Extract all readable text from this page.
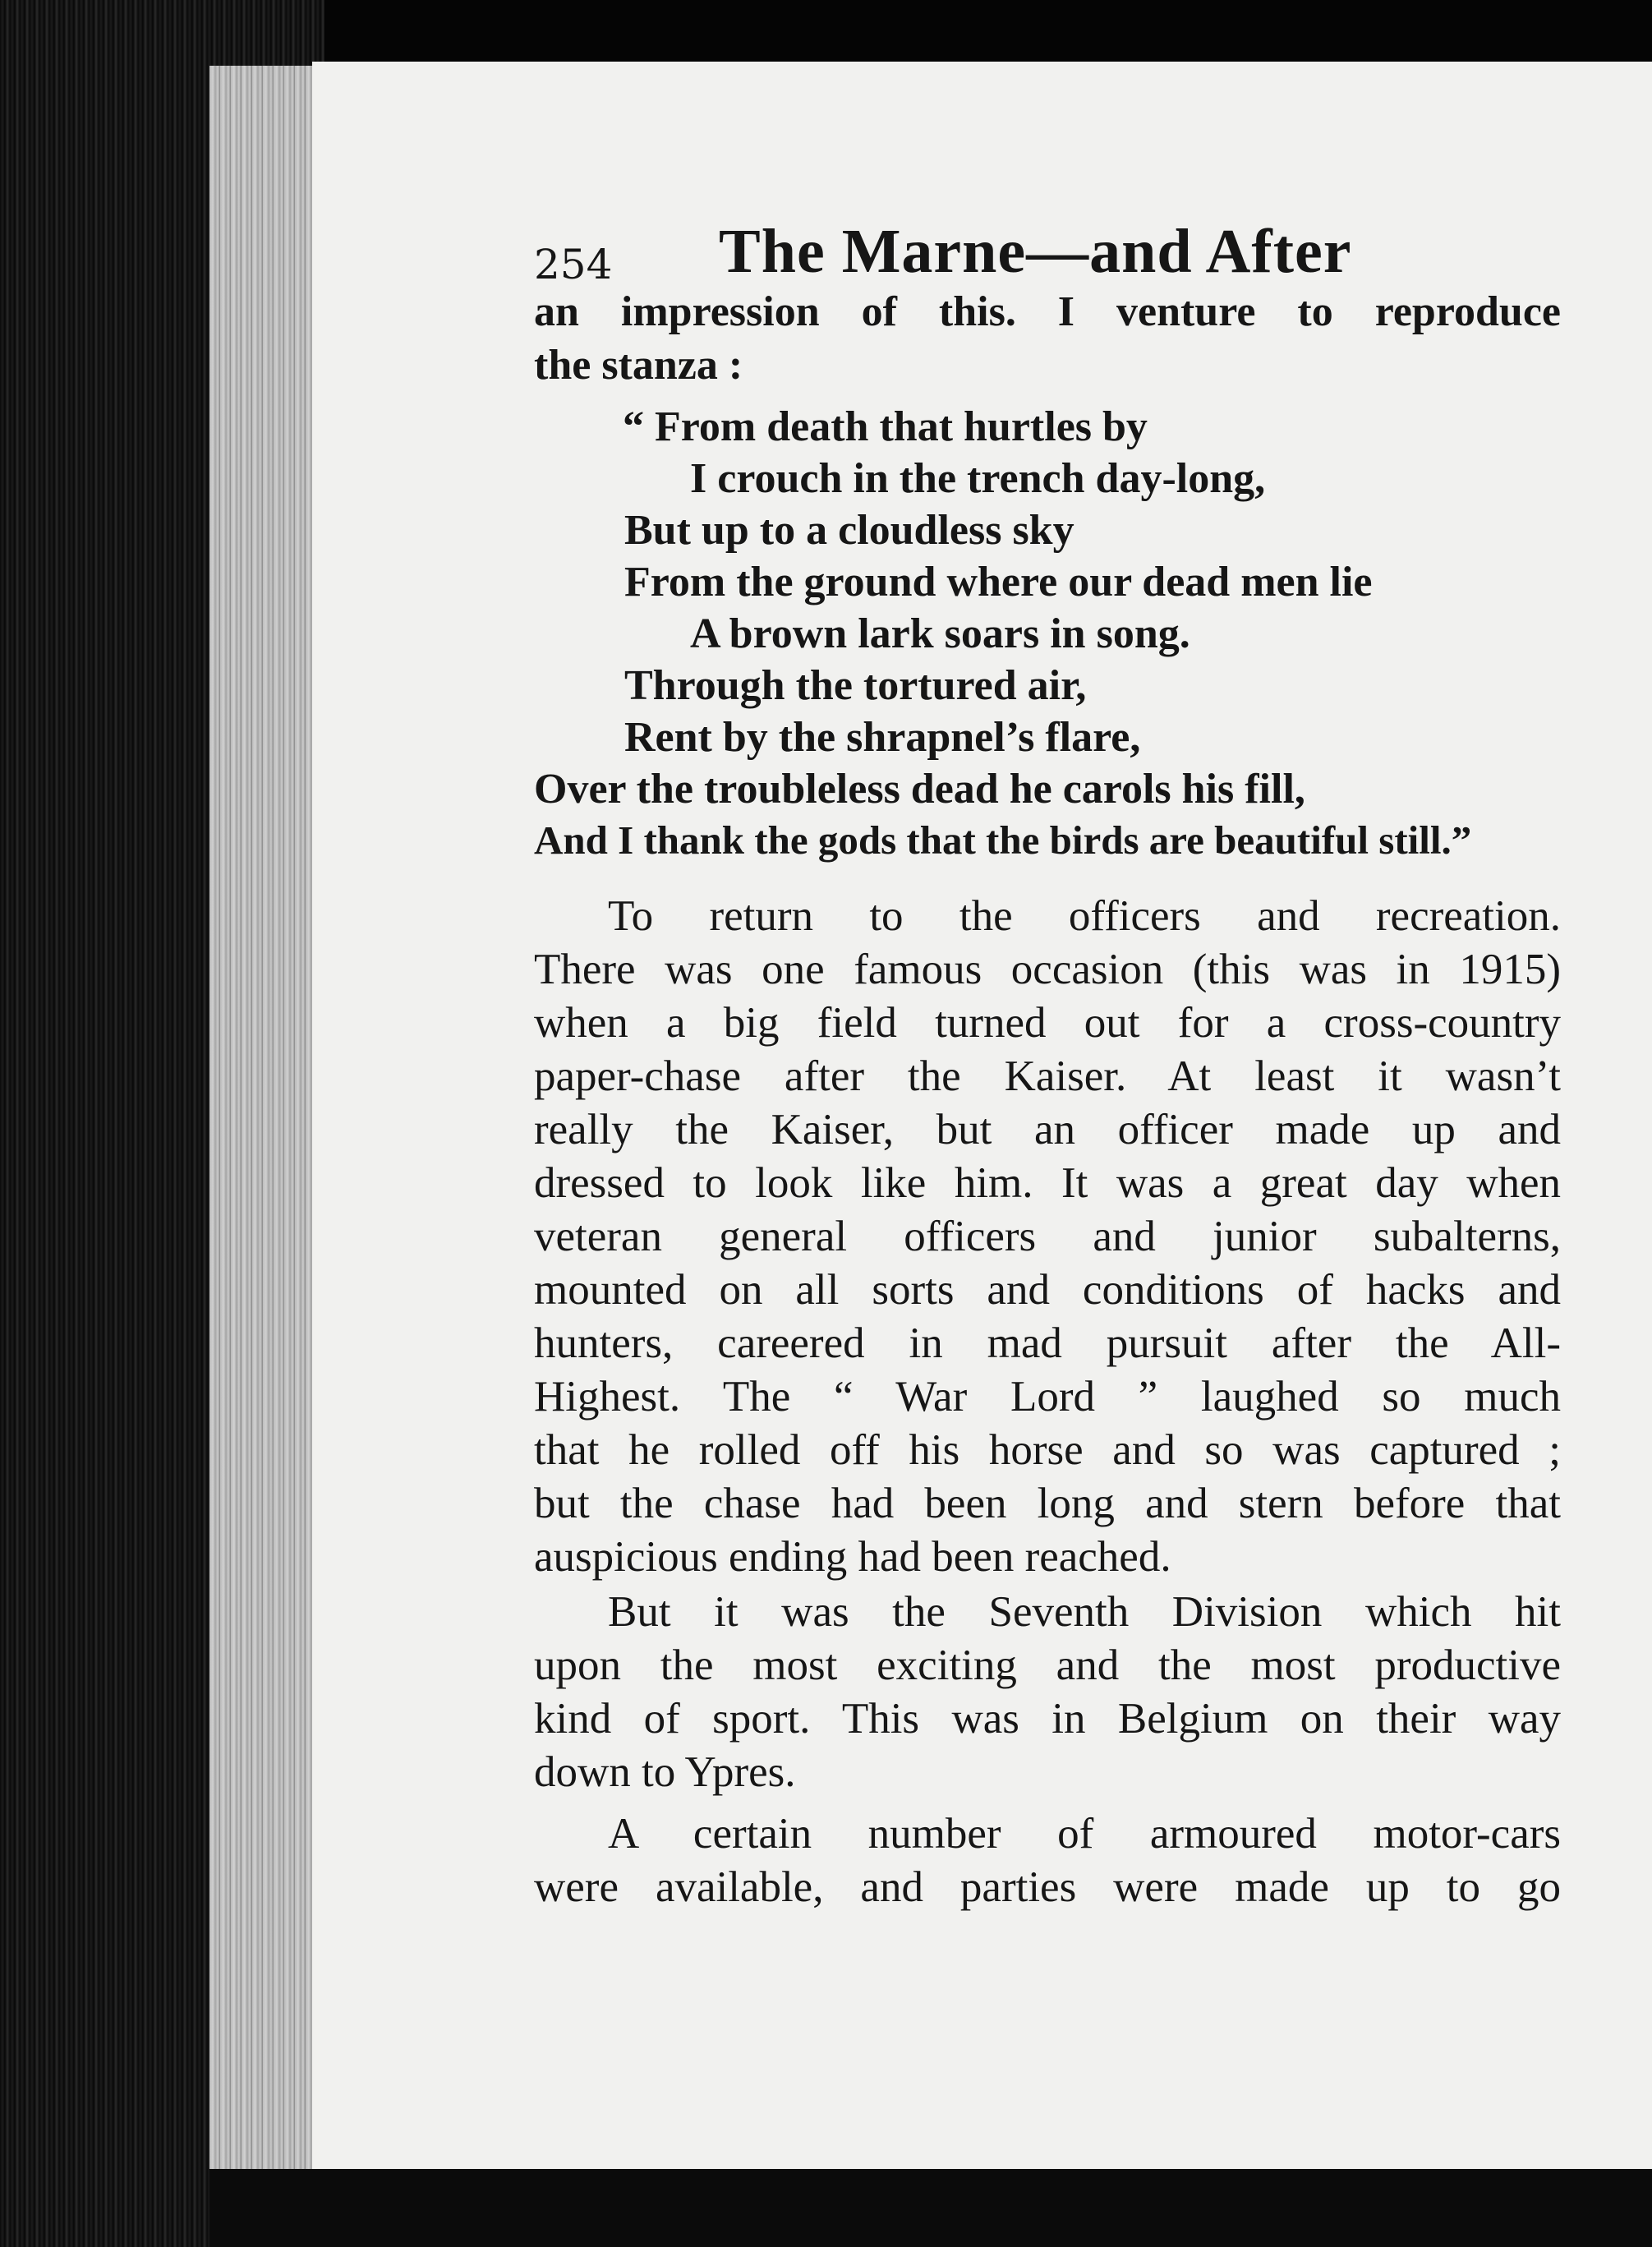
254 The Marne—and After
an impression of this. I venture to reproduce
the stanza :
“ From death that hurtles by
I crouch in the trench day-long,
But up to a cloudless sky
From the ground where our dead men lie
A brown lark soars in song.
Through the tortured air,
Rent by the shrapnel’s flare,
Over the troubleless dead he carols his fill,
And I thank the gods that the birds are beautiful still.”
To return to the officers and recreation.
There was one famous occasion (this was in 1915)
when a big field turned out for a cross-country
paper-chase after the Kaiser. At least it wasn’t
really the Kaiser, but an officer made up and
dressed to look like him. It was a great day when
veteran general officers and junior subalterns,
mounted on all sorts and conditions of hacks and
hunters, careered in mad pursuit after the All-
Highest. The “ War Lord ” laughed so much
that he rolled off his horse and so was captured ;
but the chase had been long and stern before that
auspicious ending had been reached.
But it was the Seventh Division which hit
upon the most exciting and the most productive
kind of sport. This was in Belgium on their way
down to Ypres.
A certain number of armoured motor-cars
were available, and parties were made up to go
